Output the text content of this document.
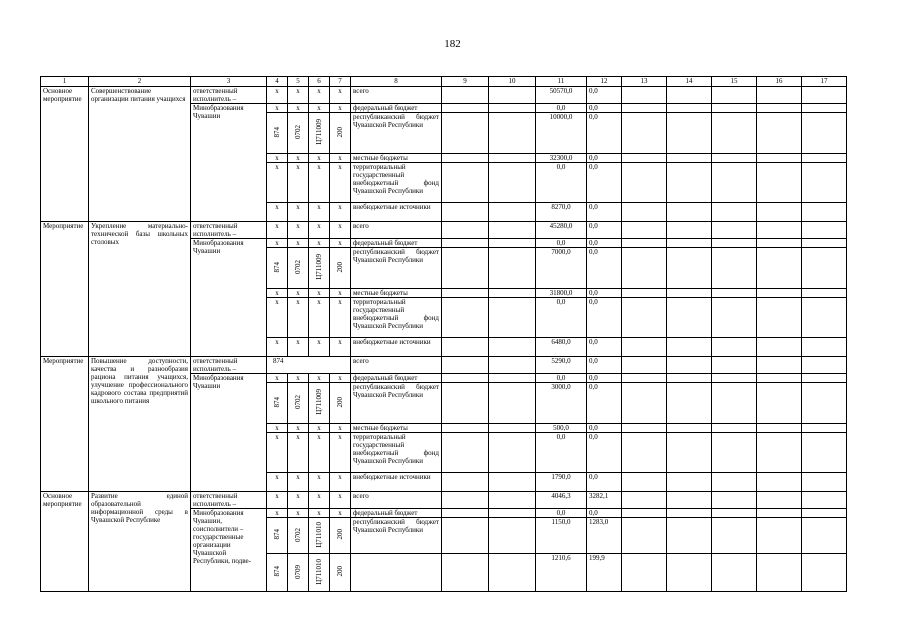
182
1	2	3	4	5	6	7	8	9	10	11	12	13	14	15	16	17
Основное мероприятие	Совершенствование организации питания учащихся	ответственный исполнитель –	x	x	x	x	всего			50570,0	0,0					
		Минобразования Чувашии	x	x	x	x	федеральный бюджет			0,0	0,0					
			874	0702	Ц711009	200	республиканский бюджет Чувашской Республики			10000,0	0,0					
			x	x	x	x	местные бюджеты			32300,0	0,0					
			x	x	x	x	территориальный государственный внебюджетный фонд Чувашской Республики			0,0	0,0					
			x	x	x	x	внебюджетные источники			8270,0	0,0					
Мероприятие	Укрепление материально-технической базы школьных столовых	ответственный исполнитель –	x	x	x	x	всего			45280,0	0,0					
		Минобразования Чувашии	x	x	x	x	федеральный бюджет			0,0	0,0					
			874	0702	Ц711009	200	республиканский бюджет Чувашской Республики			7000,0	0,0					
			x	x	x	x	местные бюджеты			31800,0	0,0					
			x	x	x	x	территориальный государственный внебюджетный фонд Чувашской Республики			0,0	0,0					
			x	x	x	x	внебюджетные источники			6480,0	0,0					
Мероприятие	Повышение доступности, качества и разнообразия рациона питания учащихся, улучшение профессионального кадрового состава предприятий школьного питания	ответственный исполнитель –	874				всего			5290,0	0,0					
		Минобразования Чувашии	x	x	x	x	федеральный бюджет			0,0	0,0					
			874	0702	Ц711009	200	республиканский бюджет Чувашской Республики			3000,0	0,0					
			x	x	x	x	местные бюджеты			500,0	0,0					
			x	x	x	x	территориальный государственный внебюджетный фонд Чувашской Республики			0,0	0,0					
			x	x	x	x	внебюджетные источники			1790,0	0,0					
Основное мероприятие	Развитие единой образовательной информационной среды в Чувашской Республике	ответственный исполнитель –	x	x	x	x	всего			4046,3	3282,1					
		Минобразования Чувашии, соисполнители – государственные организации Чувашской Республики, подве-	x	x	x	x	федеральный бюджет			0,0	0,0					
			874	0702	Ц711010	200	республиканский бюджет Чувашской Республики			1150,0	1283,0					
			874	0709	Ц711010	200				1210,6	199,9					
